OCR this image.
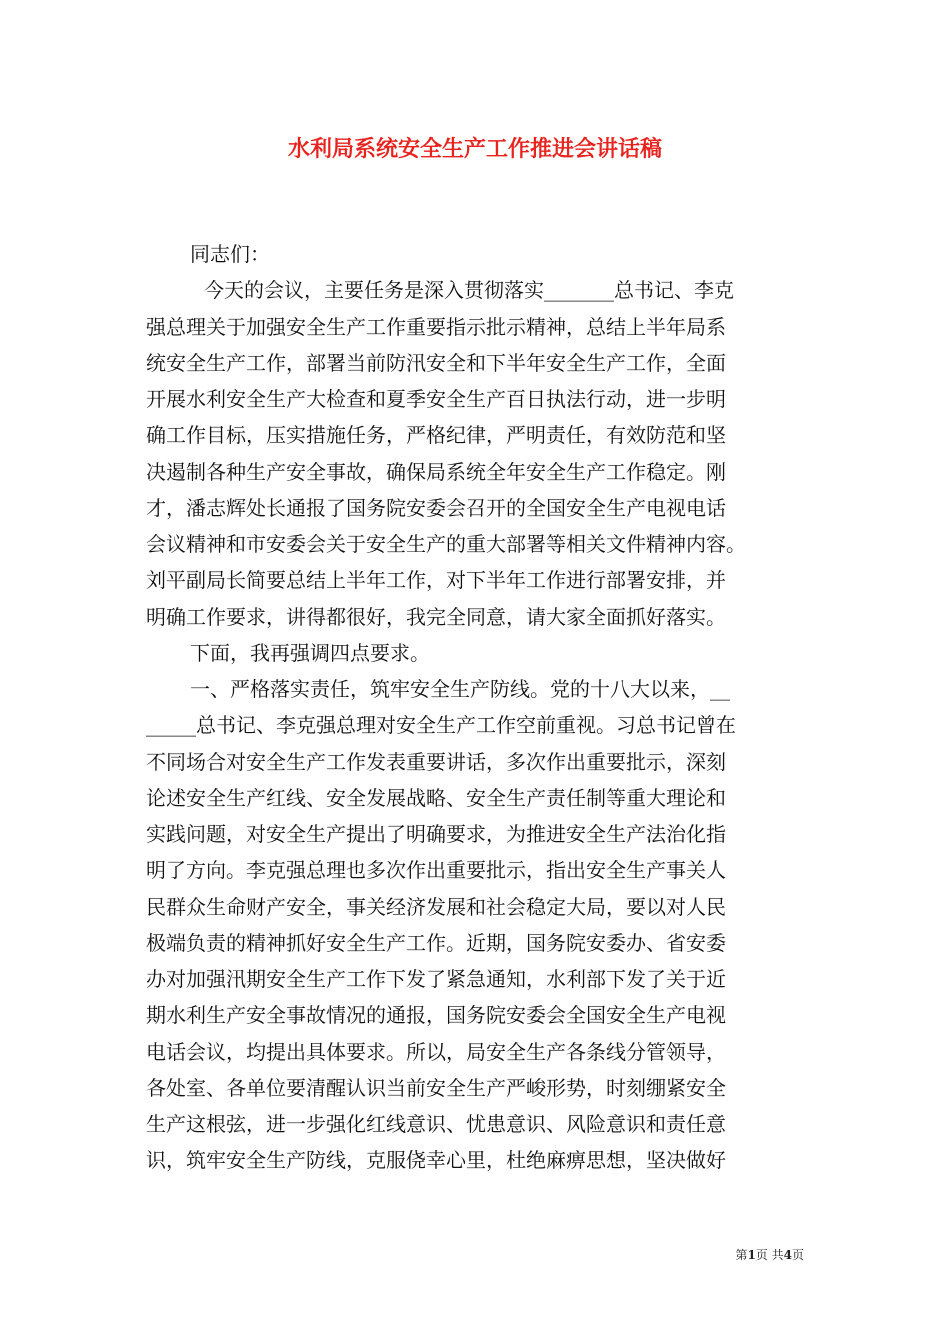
水利局系统安全生产工作推进会讲话稿
同志们：
今天的会议，主要任务是深入贯彻落实_______总书记、李克
强总理关于加强安全生产工作重要指示批示精神，总结上半年局系
统安全生产工作，部署当前防汛安全和下半年安全生产工作，全面
开展水利安全生产大检查和夏季安全生产百日执法行动，进一步明
确工作目标，压实措施任务，严格纪律，严明责任，有效防范和坚
决遏制各种生产安全事故，确保局系统全年安全生产工作稳定。刚
才，潘志辉处长通报了国务院安委会召开的全国安全生产电视电话
会议精神和市安委会关于安全生产的重大部署等相关文件精神内容。
刘平副局长简要总结上半年工作，对下半年工作进行部署安排，并
明确工作要求，讲得都很好，我完全同意，请大家全面抓好落实。
下面，我再强调四点要求。
一、严格落实责任，筑牢安全生产防线。党的十八大以来，__
_____总书记、李克强总理对安全生产工作空前重视。习总书记曾在
不同场合对安全生产工作发表重要讲话，多次作出重要批示，深刻
论述安全生产红线、安全发展战略、安全生产责任制等重大理论和
实践问题，对安全生产提出了明确要求，为推进安全生产法治化指
明了方向。李克强总理也多次作出重要批示，指出安全生产事关人
民群众生命财产安全，事关经济发展和社会稳定大局，要以对人民
极端负责的精神抓好安全生产工作。近期，国务院安委办、省安委
办对加强汛期安全生产工作下发了紧急通知，水利部下发了关于近
期水利生产安全事故情况的通报，国务院安委会全国安全生产电视
电话会议，均提出具体要求。所以，局安全生产各条线分管领导，
各处室、各单位要清醒认识当前安全生产严峻形势，时刻绷紧安全
生产这根弦，进一步强化红线意识、忧患意识、风险意识和责任意
识，筑牢安全生产防线，克服侥幸心里，杜绝麻痹思想，坚决做好
第1页 共4页
